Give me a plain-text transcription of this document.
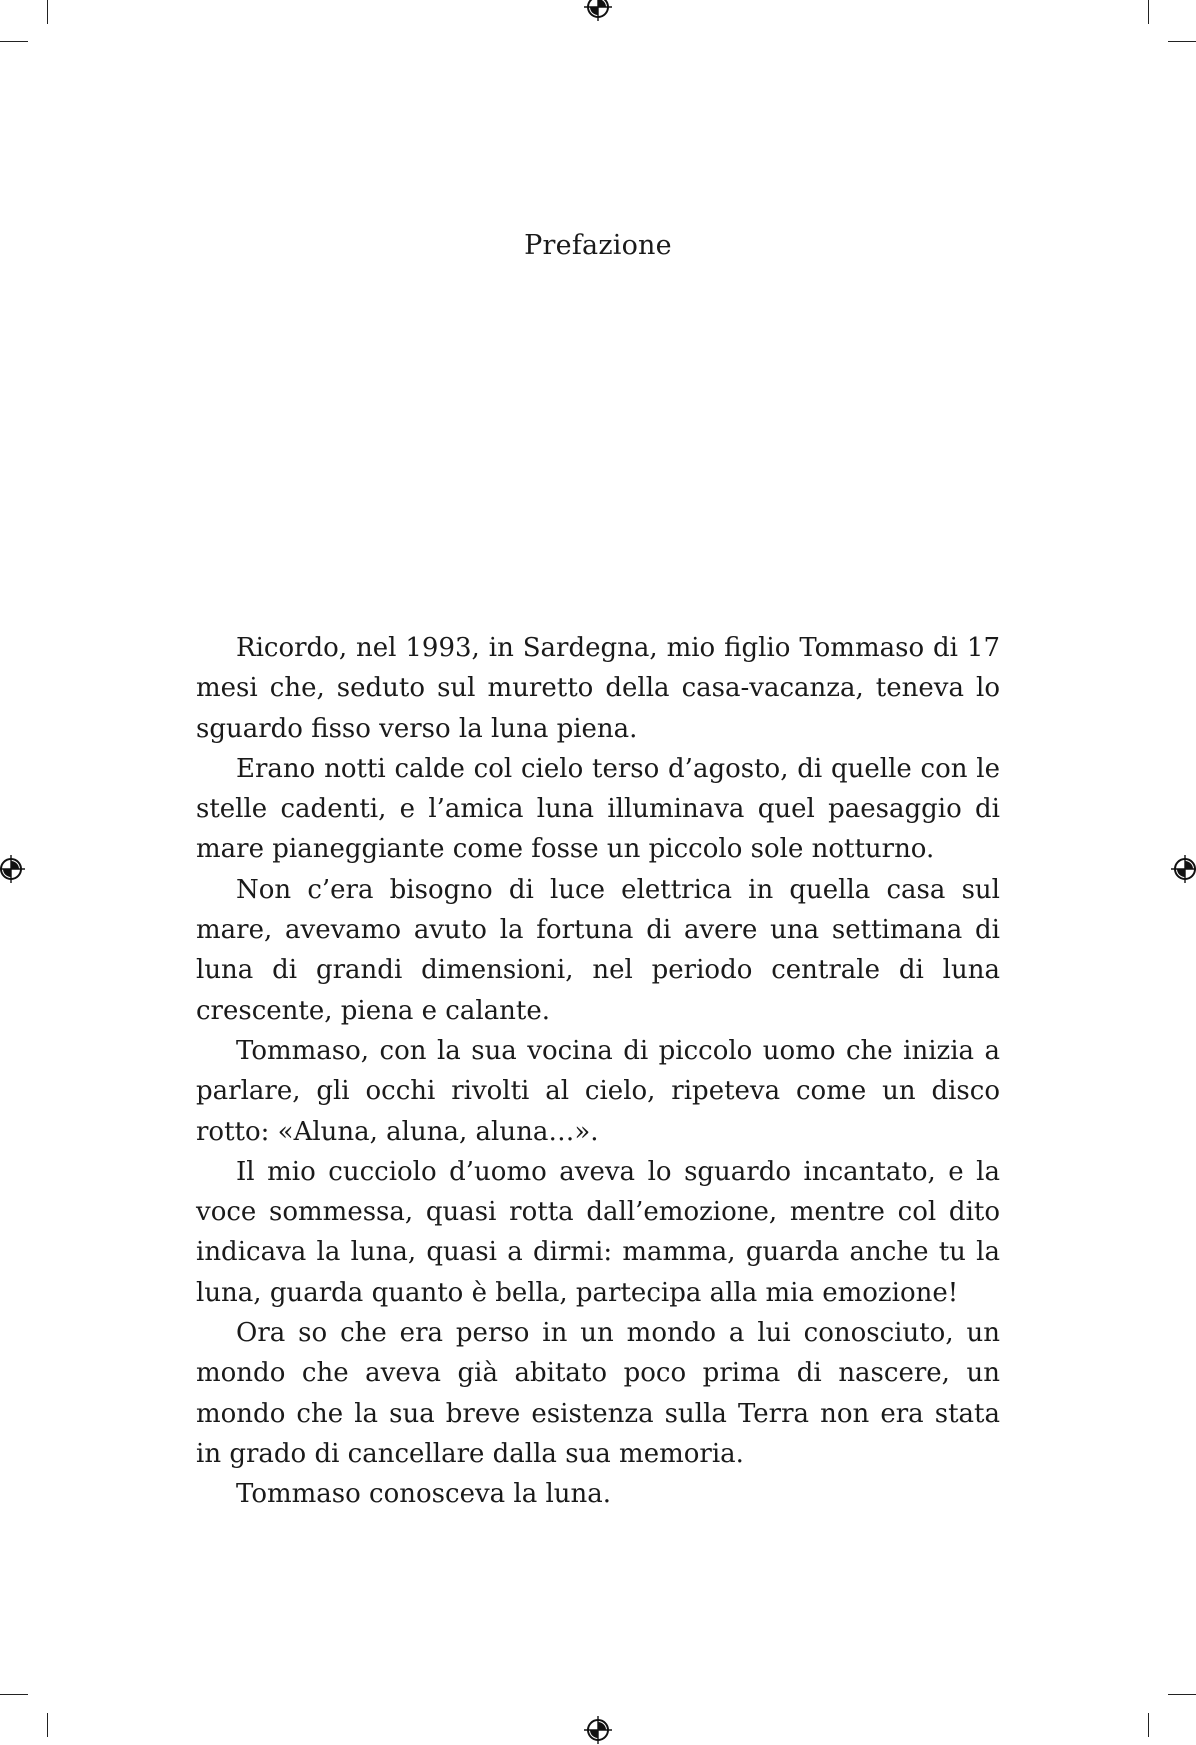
Prefazione

Ricordo, nel 1993, in Sardegna, mio figlio Tommaso di 17 mesi che, seduto sul muretto della casa-vacanza, teneva lo sguardo fisso verso la luna piena.

Erano notti calde col cielo terso d’agosto, di quelle con le stelle cadenti, e l’amica luna illuminava quel paesaggio di mare pianeggiante come fosse un piccolo sole notturno.

Non c’era bisogno di luce elettrica in quella casa sul mare, avevamo avuto la fortuna di avere una settimana di luna di grandi dimensioni, nel periodo centrale di luna crescente, piena e calante.

Tommaso, con la sua vocina di piccolo uomo che inizia a parlare, gli occhi rivolti al cielo, ripeteva come un disco rotto: «Aluna, aluna, aluna…».

Il mio cucciolo d’uomo aveva lo sguardo incantato, e la voce sommessa, quasi rotta dall’emozione, mentre col dito indicava la luna, quasi a dirmi: mamma, guarda anche tu la luna, guarda quanto è bella, partecipa alla mia emozione!

Ora so che era perso in un mondo a lui conosciuto, un mondo che aveva già abitato poco prima di nascere, un mondo che la sua breve esistenza sulla Terra non era stata in grado di cancellare dalla sua memoria.

Tommaso conosceva la luna.
